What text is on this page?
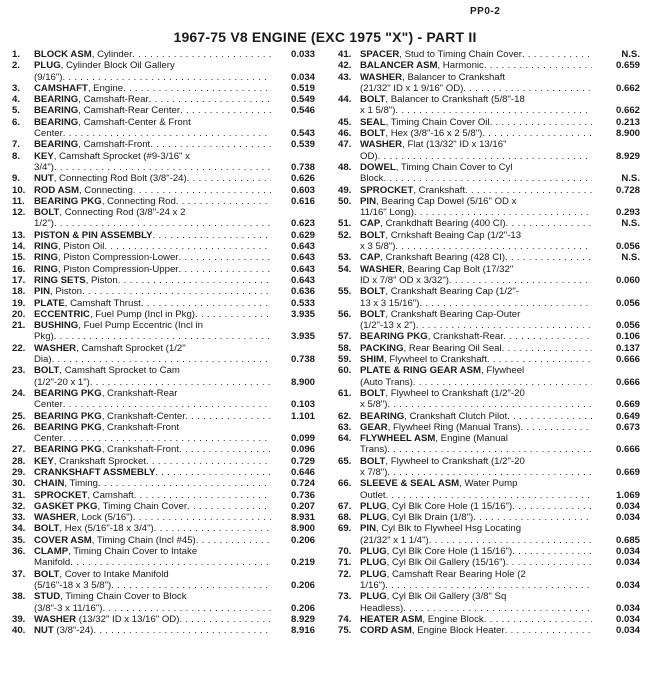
PP0-2
1967-75 V8 ENGINE (EXC 1975 "X") - PART II
1.	BLOCK ASM, Cylinder . . .	0.033
2.	PLUG, Cylinder Block Oil Gallery
(9/16") . . .	0.034
3.	CAMSHAFT, Engine . . .	0.519
4.	BEARING, Camshaft-Rear . . .	0.549
5.	BEARING, Camshaft-Rear Center . . .	0.546
6.	BEARING, Camshaft-Center & Front
Center . . .	0.543
7.	BEARING, Camshaft-Front . . .	0.539
8.	KEY, Camshaft Sprocket (#9-3/16" x
3/4") . . .	0.738
9.	NUT, Connecting Rod Bolt (3/8"-24) . . .	0.626
10. ROD ASM, Connecting . . .	0.603
11. BEARING PKG, Connecting Rod . . .	0.616
12. BOLT, Connecting Rod (3/8"-24 x 2
1/2") . . .	0.623
13. PISTON & PIN ASSEMBLY . . .	0.629
14. RING, Piston Oil . . .	0.643
15. RING, Piston Compression-Lower . . .	0.643
16. RING, Piston Compression-Upper . . .	0.643
17. RING SETS, Piston . . .	0.643
18. PIN, Piston . . .	0.636
19. PLATE, Camshaft Thrust . . .	0.533
20. ECCENTRIC, Fuel Pump (Incl in Pkg) . . .	3.935
21. BUSHING, Fuel Pump Eccentric (Incl in
Pkg) . . .	3.935
22. WASHER, Camshaft Sprocket (1/2"
Dia) . . .	0.738
23. BOLT, Camshaft Sprocket to Cam
(1/2"-20 x 1") . . .	8.900
24. BEARING PKG, Crankshaft-Rear
Center . . .	0.103
25. BEARING PKG, Crankshaft-Center . . .	1.101
26. BEARING PKG, Crankshaft-Front
Center . . .	0.099
27. BEARING PKG, Crankshaft-Front . . .	0.096
28. KEY, Crankshaft Sprocket . . .	0.729
29. CRANKSHAFT ASSMEBLY . . .	0.646
30. CHAIN, Timing . . .	0.724
31. SPROCKET, Camshaft . . .	0.736
32. GASKET PKG, Timing Chain Cover . . .	0.207
33. WASHER, Lock (5/16") . . .	8.931
34. BOLT, Hex (5/16"-18 x 3/4") . . .	8.900
35. COVER ASM, Timing Chain (Incl #45) . . .	0.206
36. CLAMP, Timing Chain Cover to Intake
Manifold . . .	0.219
37. BOLT, Cover to Intake Manifold
(5/16"-18 x 3 5/8") . . .	0.206
38. STUD, Timing Chain Cover to Block
(3/8"-3 x 11/16") . . .	0.206
39. WASHER (13/32" ID x 13/16" OD) . . .	8.929
40. NUT (3/8"-24) . . .	8.916
41. SPACER, Stud to Timing Chain Cover . . .	N.S.
42. BALANCER ASM, Harmonic . . .	0.659
43. WASHER, Balancer to Crankshaft
(21/32" ID x 1 9/16" OD) . . .	0.662
44. BOLT, Balancer to Crankshaft (5/8"-18
x 1 5/8") . . .	0.662
45. SEAL, Timing Chain Cover Oil . . .	0.213
46. BOLT, Hex (3/8"-16 x 2 5/8") . . .	8.900
47. WASHER, Flat (13/32" ID x 13/16"
OD) . . .	8.929
48. DOWEL, Timing Chain Cover to Cyl
Block . . .	N.S.
49. SPROCKET, Crankshaft . . .	0.728
50. PIN, Bearing Cap Dowel (5/16" OD x
11/16" Long) . . .	0.293
51. CAP, Crankdhaft Bearing (400 CI) . . .	N.S.
52. BOLT, Crnkshaft Beaing Cap (1/2"-13
x 3 5/8") . . .	0.056
53. CAP, Crankshaft Bearing (428 CI) . . .	N.S.
54. WASHER, Bearing Cap Bolt (17/32"
ID x 7/8" OD x 3/32") . . .	0.060
55. BOLT, Crankshaft Bearing Cap (1/2"-
13 x 3 15/16") . . .	0.056
56. BOLT, Crankshaft Bearing Cap-Outer
(1/2"-13 x 2") . . .	0.056
57. BEARING PKG, Crankshaft-Rear . . .	0.106
58. PACKING, Rear Bearing Oil Seal . . .	0.137
59. SHIM, Flywheel to Crankshaft . . .	0.666
60. PLATE & RING GEAR ASM, Flywheel
(Auto Trans) . . .	0.666
61. BOLT, Flywheel to Crankshaft (1/2"-20
x 5/8") . . .	0.669
62. BEARING, Crankshaft Clutch Pilot . . .	0.649
63. GEAR, Flywheel Ring (Manual Trans) . . .	0.673
64. FLYWHEEL ASM, Engine (Manual
Trans) . . .	0.666
65. BOLT, Flywheel to Crankshaft (1/2"-20
x 7/8") . . .	0.669
66. SLEEVE & SEAL ASM, Water Pump
Outlet . . .	1.069
67. PLUG, Cyl Blk Core Hole (1 15/16") . . .	0.034
68. PLUG, Cyl Blk Drain (1/8") . . .	0.034
69. PIN, Cyl Blk to Flywheel Hsg Locating
(21/32" x 1 1/4") . . .	0.685
70. PLUG, Cyl Blk Core Hole (1 15/16") . . .	0.034
71. PLUG, Cyl Blk Oil Gallery (15/16") . . .	0.034
72. PLUG, Camshaft Rear Bearing Hole (2
1/16") . . .	0.034
73. PLUG, Cyl Blk Oil Gallery (3/8" Sq
Headless) . . .	0.034
74. HEATER ASM, Engine Block . . .	0.034
75. CORD ASM, Engine Block Heater . . .	0.034
